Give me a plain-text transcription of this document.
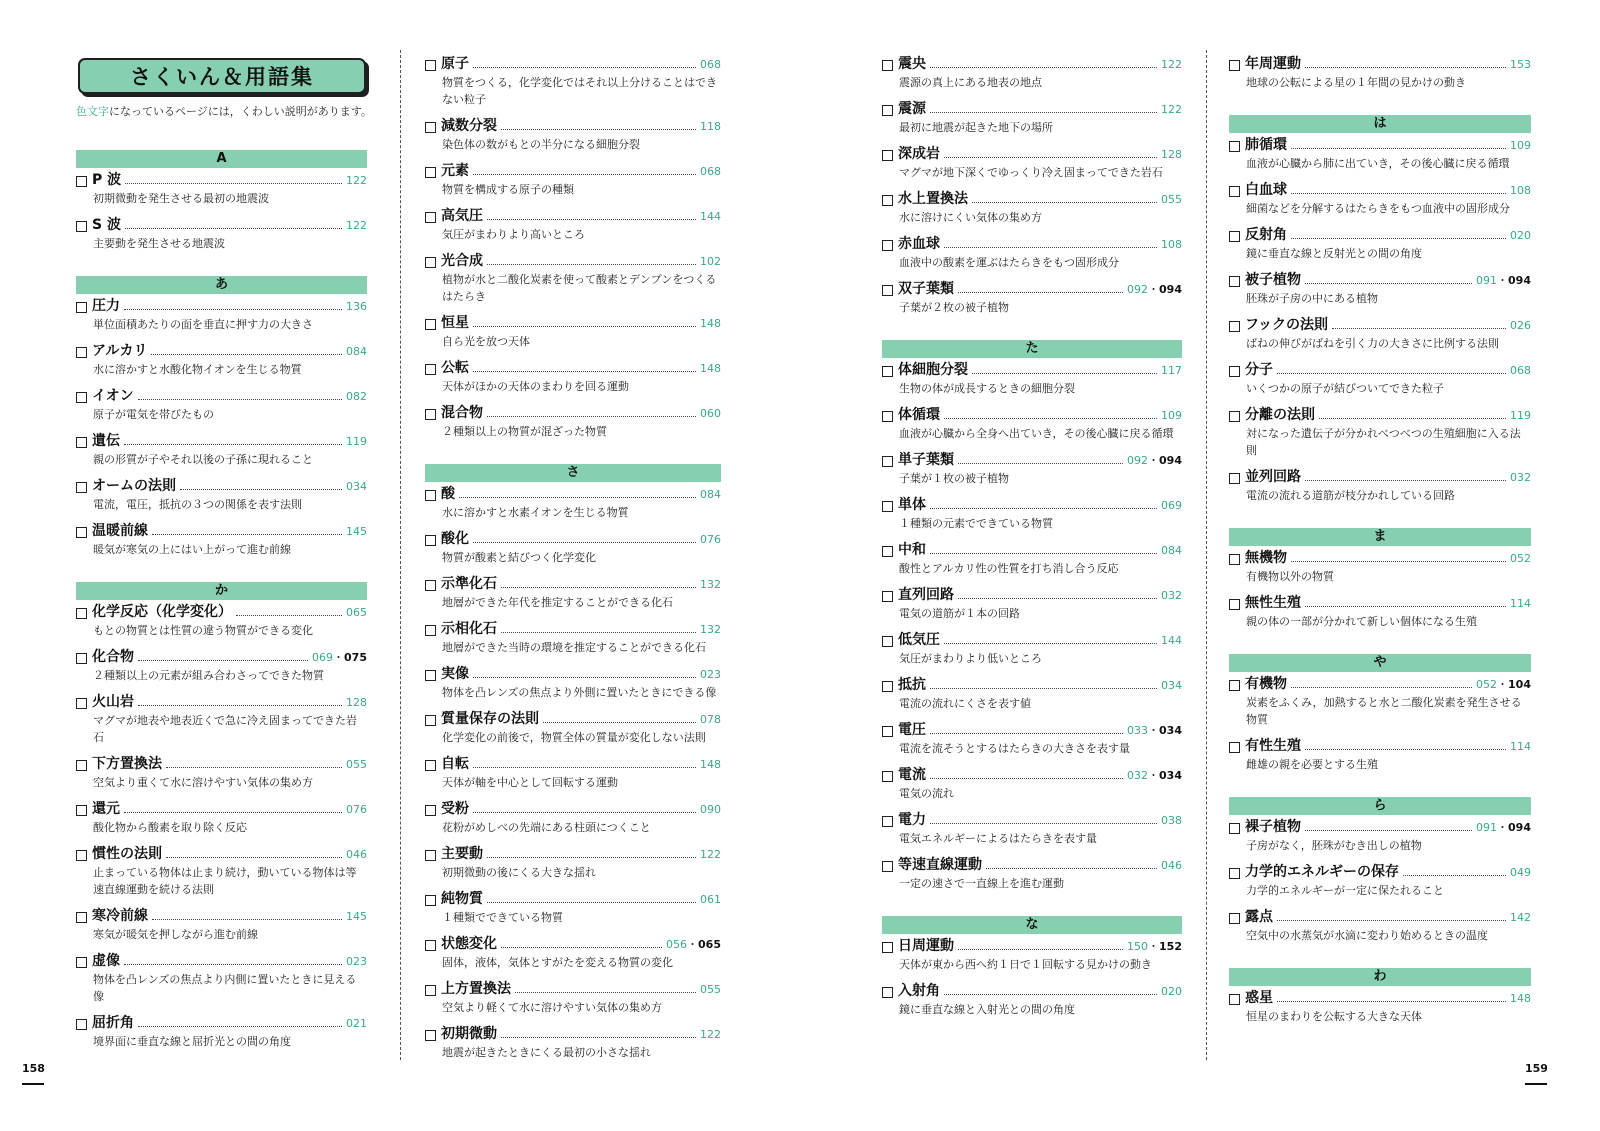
さくいん＆用語集
色文字になっているページには，くわしい説明があります。
A
P 波	122
初期微動を発生させる最初の地震波
S 波	122
主要動を発生させる地震波
あ
圧力	136
単位面積あたりの面を垂直に押す力の大きさ
アルカリ	084
水に溶かすと水酸化物イオンを生じる物質
イオン	082
原子が電気を帯びたもの
遺伝	119
親の形質が子やそれ以後の子孫に現れること
オームの法則	034
電流，電圧，抵抗の３つの関係を表す法則
温暖前線	145
暖気が寒気の上にはい上がって進む前線
か
化学反応（化学変化）	065
もとの物質とは性質の違う物質ができる変化
化合物	069・075
２種類以上の元素が組み合わさってできた物質
火山岩	128
マグマが地表や地表近くで急に冷え固まってできた岩石
下方置換法	055
空気より重くて水に溶けやすい気体の集め方
還元	076
酸化物から酸素を取り除く反応
慣性の法則	046
止まっている物体は止まり続け，動いている物体は等速直線運動を続ける法則
寒冷前線	145
寒気が暖気を押しながら進む前線
虚像	023
物体を凸レンズの焦点より内側に置いたときに見える像
屈折角	021
境界面に垂直な線と屈折光との間の角度
原子	068
物質をつくる，化学変化ではそれ以上分けることはできない粒子
減数分裂	118
染色体の数がもとの半分になる細胞分裂
元素	068
物質を構成する原子の種類
高気圧	144
気圧がまわりより高いところ
光合成	102
植物が水と二酸化炭素を使って酸素とデンプンをつくるはたらき
恒星	148
自ら光を放つ天体
公転	148
天体がほかの天体のまわりを回る運動
混合物	060
２種類以上の物質が混ざった物質
さ
酸	084
水に溶かすと水素イオンを生じる物質
酸化	076
物質が酸素と結びつく化学変化
示準化石	132
地層ができた年代を推定することができる化石
示相化石	132
地層ができた当時の環境を推定することができる化石
実像	023
物体を凸レンズの焦点より外側に置いたときにできる像
質量保存の法則	078
化学変化の前後で，物質全体の質量が変化しない法則
自転	148
天体が軸を中心として回転する運動
受粉	090
花粉がめしべの先端にある柱頭につくこと
主要動	122
初期微動の後にくる大きな揺れ
純物質	061
１種類でできている物質
状態変化	056・065
固体，液体，気体とすがたを変える物質の変化
上方置換法	055
空気より軽くて水に溶けやすい気体の集め方
初期微動	122
地震が起きたときにくる最初の小さな揺れ
震央	122
震源の真上にある地表の地点
震源	122
最初に地震が起きた地下の場所
深成岩	128
マグマが地下深くでゆっくり冷え固まってできた岩石
水上置換法	055
水に溶けにくい気体の集め方
赤血球	108
血液中の酸素を運ぶはたらきをもつ固形成分
双子葉類	092・094
子葉が２枚の被子植物
た
体細胞分裂	117
生物の体が成長するときの細胞分裂
体循環	109
血液が心臓から全身へ出ていき，その後心臓に戻る循環
単子葉類	092・094
子葉が１枚の被子植物
単体	069
１種類の元素でできている物質
中和	084
酸性とアルカリ性の性質を打ち消し合う反応
直列回路	032
電気の道筋が１本の回路
低気圧	144
気圧がまわりより低いところ
抵抗	034
電流の流れにくさを表す値
電圧	033・034
電流を流そうとするはたらきの大きさを表す量
電流	032・034
電気の流れ
電力	038
電気エネルギーによるはたらきを表す量
等速直線運動	046
一定の速さで一直線上を進む運動
な
日周運動	150・152
天体が東から西へ約１日で１回転する見かけの動き
入射角	020
鏡に垂直な線と入射光との間の角度
年周運動	153
地球の公転による星の１年間の見かけの動き
は
肺循環	109
血液が心臓から肺に出ていき，その後心臓に戻る循環
白血球	108
細菌などを分解するはたらきをもつ血液中の固形成分
反射角	020
鏡に垂直な線と反射光との間の角度
被子植物	091・094
胚珠が子房の中にある植物
フックの法則	026
ばねの伸びがばねを引く力の大きさに比例する法則
分子	068
いくつかの原子が結びついてできた粒子
分離の法則	119
対になった遺伝子が分かれべつべつの生殖細胞に入る法則
並列回路	032
電流の流れる道筋が枝分かれしている回路
ま
無機物	052
有機物以外の物質
無性生殖	114
親の体の一部が分かれて新しい個体になる生殖
や
有機物	052・104
炭素をふくみ，加熱すると水と二酸化炭素を発生させる物質
有性生殖	114
雌雄の親を必要とする生殖
ら
裸子植物	091・094
子房がなく，胚珠がむき出しの植物
力学的エネルギーの保存	049
力学的エネルギーが一定に保たれること
露点	142
空気中の水蒸気が水滴に変わり始めるときの温度
わ
惑星	148
恒星のまわりを公転する大きな天体
158	159
